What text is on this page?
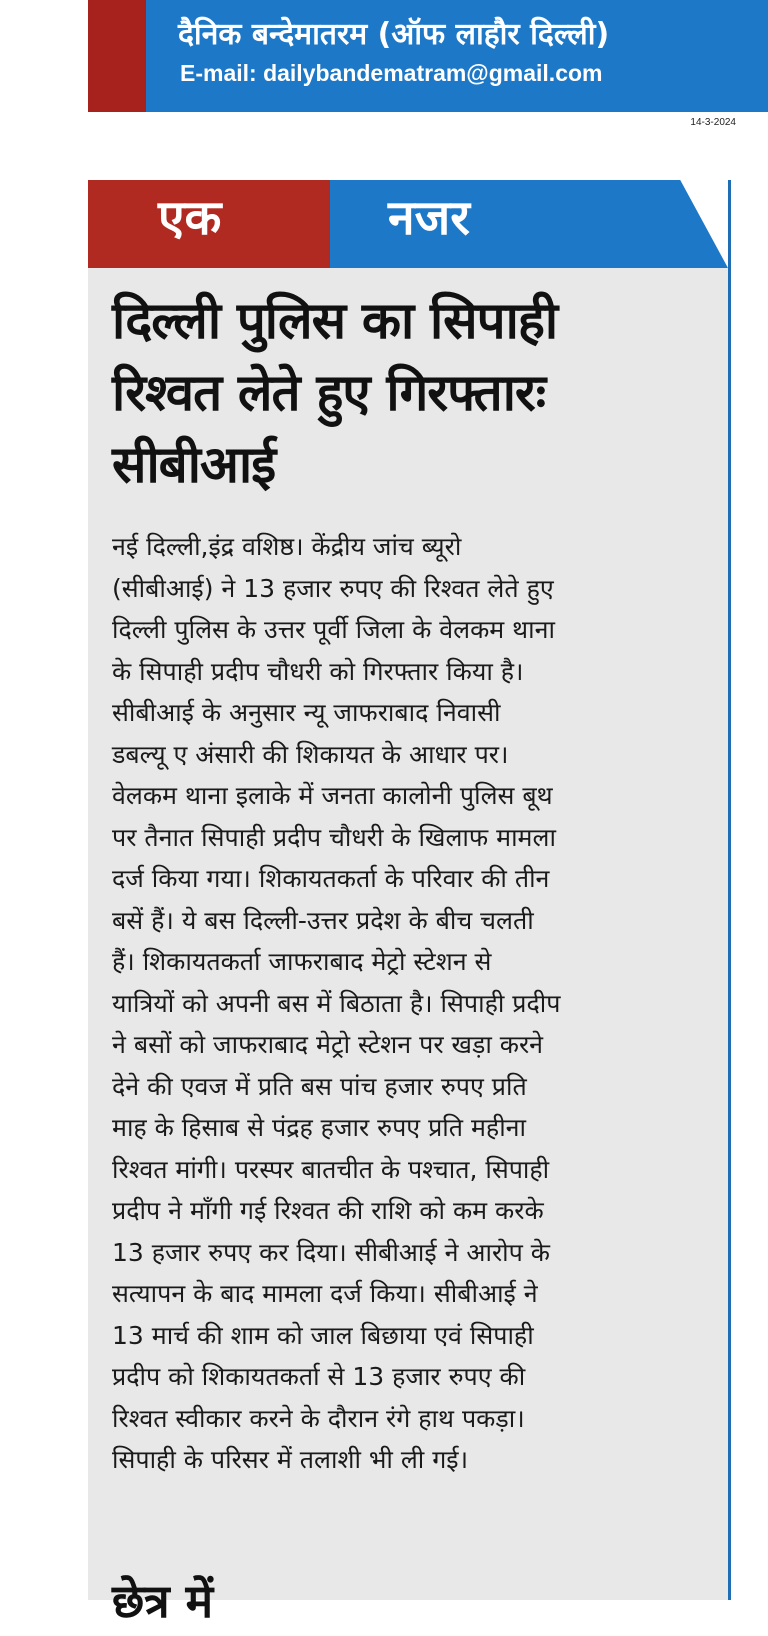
दैनिक बन्देमातरम (ऑफ लाहौर दिल्ली)
E-mail: dailybandematram@gmail.com
14-3-2024
एक	नजर
दिल्ली पुलिस का सिपाही
रिश्वत लेते हुए गिरफ्तारः
सीबीआई
नई दिल्ली,इंद्र वशिष्ठ। केंद्रीय जांच ब्यूरो
(सीबीआई) ने 13 हजार रुपए की रिश्वत लेते हुए
दिल्ली पुलिस के उत्तर पूर्वी जिला के वेलकम थाना
के सिपाही प्रदीप चौधरी को गिरफ्तार किया है।
सीबीआई के अनुसार न्यू जाफराबाद निवासी
डबल्यू ए अंसारी की शिकायत के आधार पर।
वेलकम थाना इलाके में जनता कालोनी पुलिस बूथ
पर तैनात सिपाही प्रदीप चौधरी के खिलाफ मामला
दर्ज किया गया। शिकायतकर्ता के परिवार की तीन
बसें हैं। ये बस दिल्ली-उत्तर प्रदेश के बीच चलती
हैं। शिकायतकर्ता जाफराबाद मेट्रो स्टेशन से
यात्रियों को अपनी बस में बिठाता है। सिपाही प्रदीप
ने बसों को जाफराबाद मेट्रो स्टेशन पर खड़ा करने
देने की एवज में प्रति बस पांच हजार रुपए प्रति
माह के हिसाब से पंद्रह हजार रुपए प्रति महीना
रिश्वत मांगी। परस्पर बातचीत के पश्चात, सिपाही
प्रदीप ने माँगी गई रिश्वत की राशि को कम करके
13 हजार रुपए कर दिया। सीबीआई ने आरोप के
सत्यापन के बाद मामला दर्ज किया। सीबीआई ने
13 मार्च की शाम को जाल बिछाया एवं सिपाही
प्रदीप को शिकायतकर्ता से 13 हजार रुपए की
रिश्वत स्वीकार करने के दौरान रंगे हाथ पकड़ा।
सिपाही के परिसर में तलाशी भी ली गई।
छेत्र में
